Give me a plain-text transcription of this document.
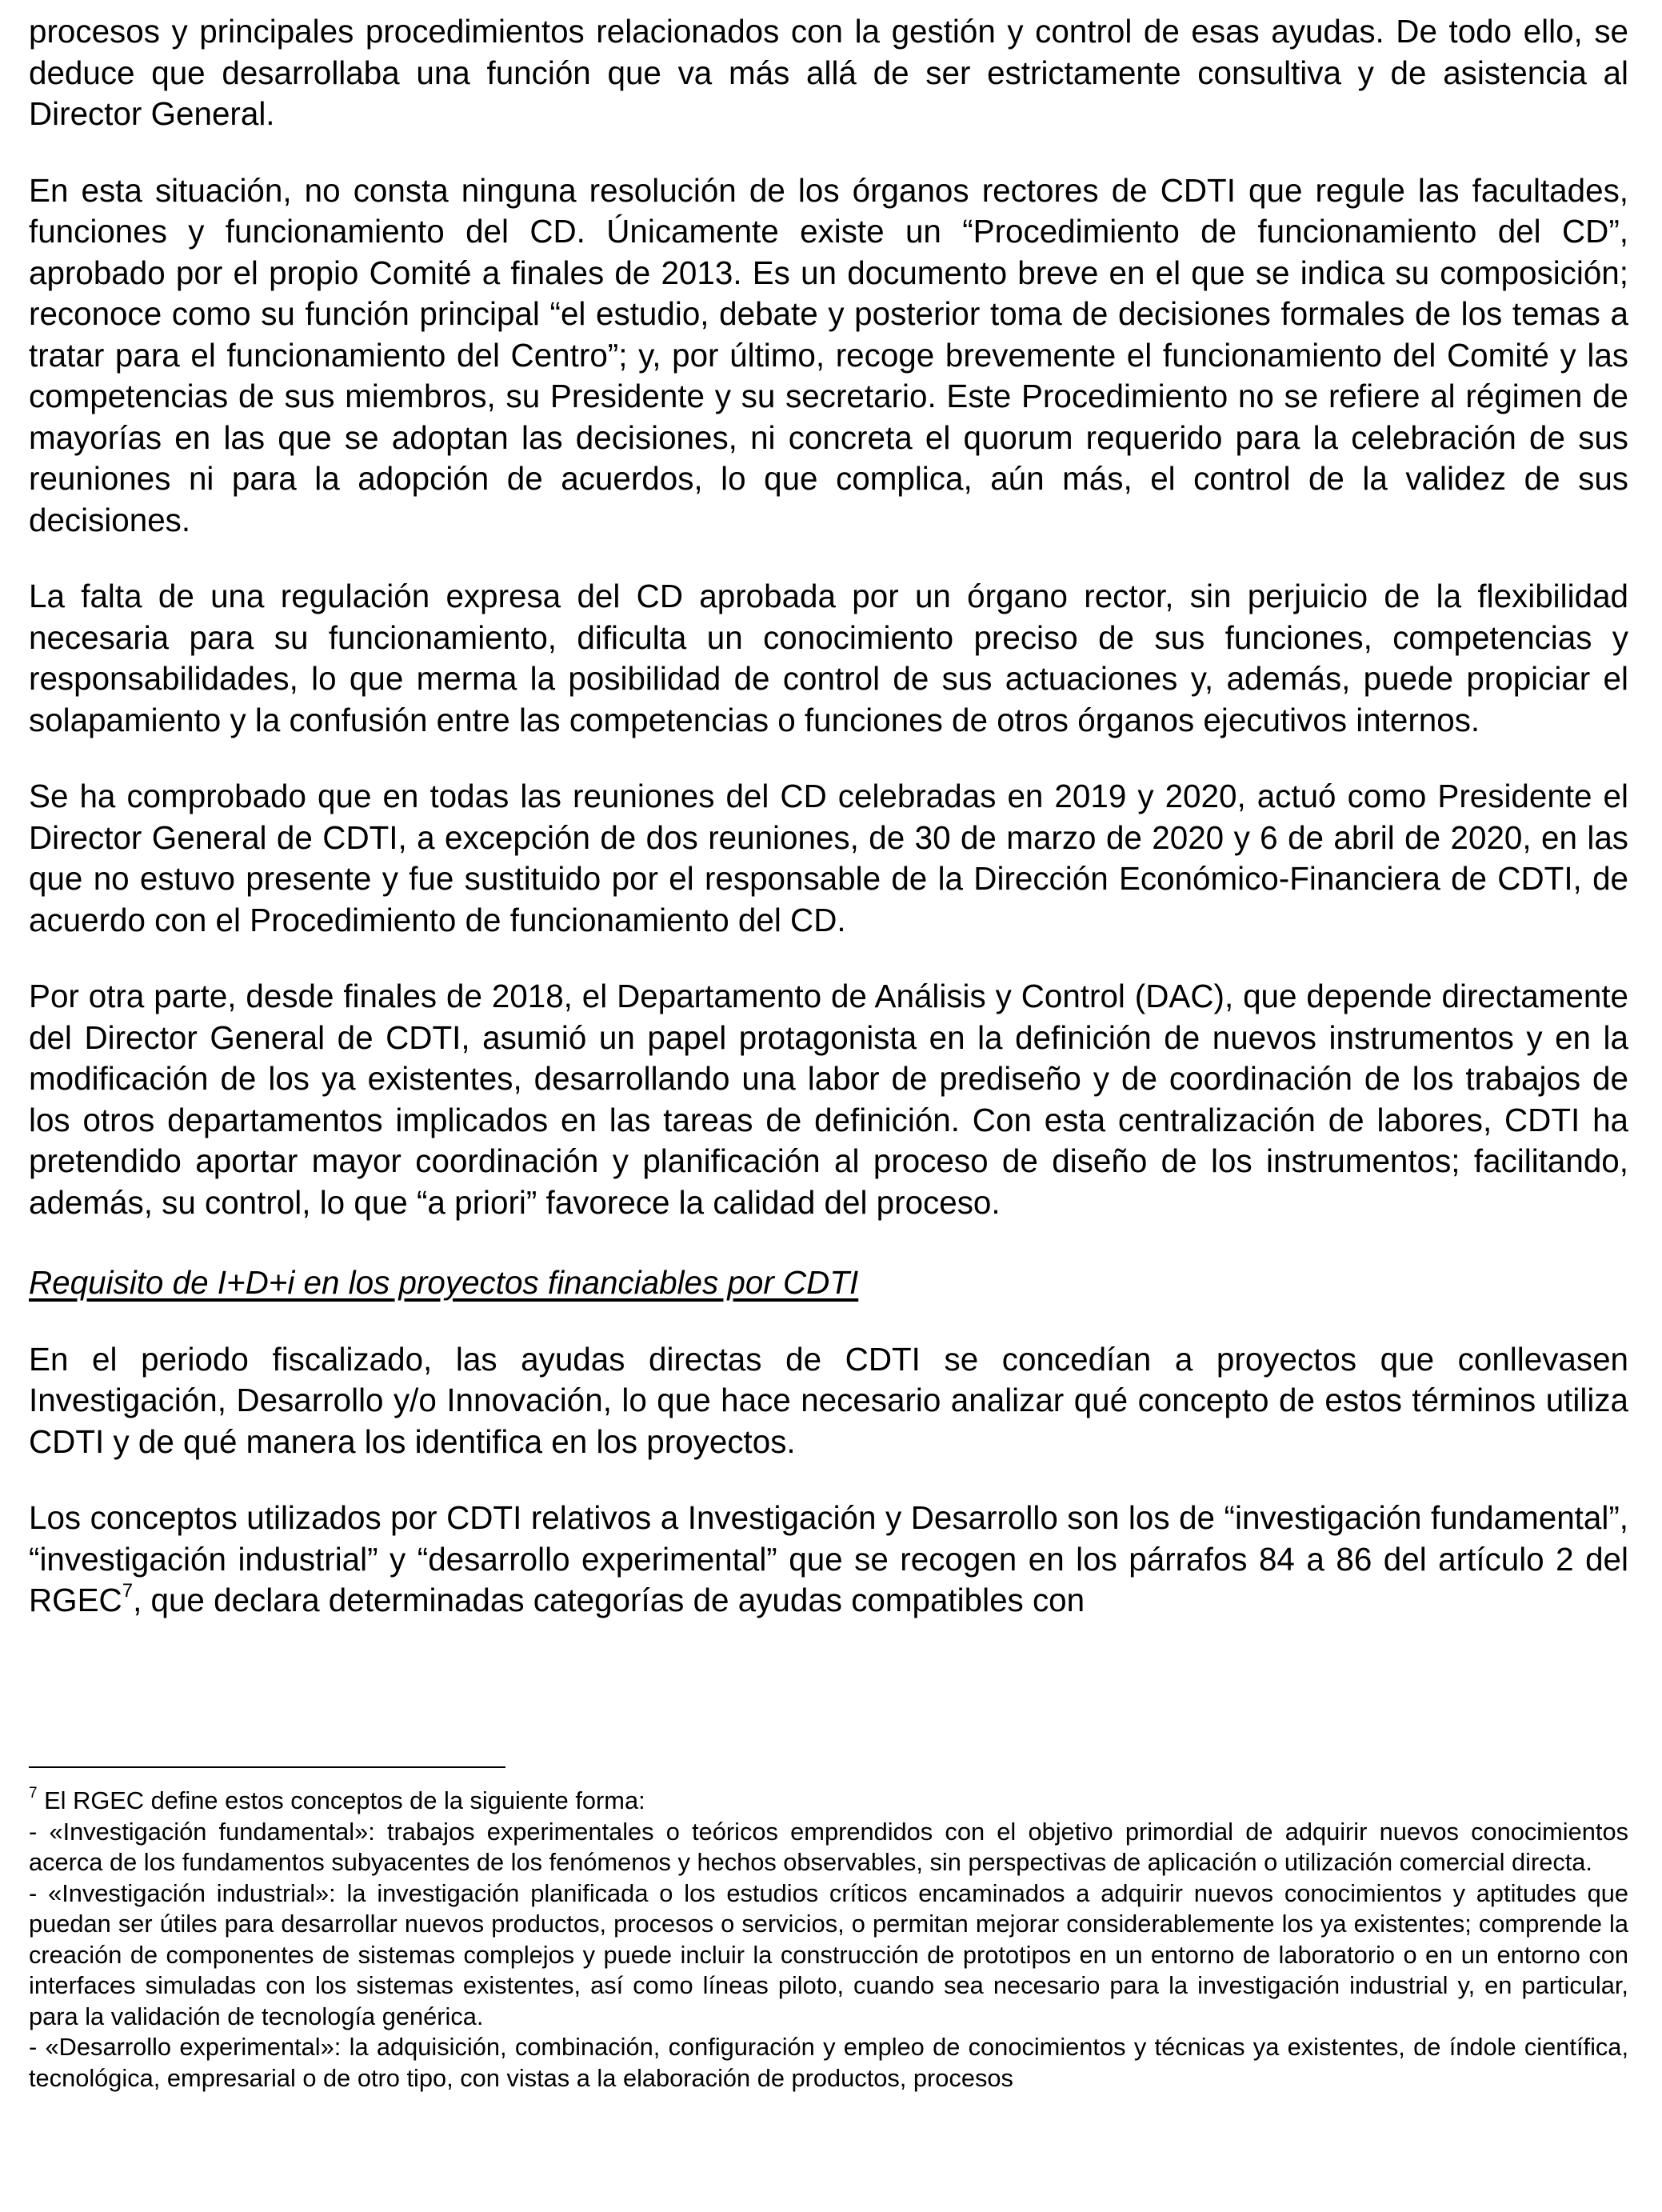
procesos y principales procedimientos relacionados con la gestión y control de esas ayudas. De todo ello, se deduce que desarrollaba una función que va más allá de ser estrictamente consultiva y de asistencia al Director General.

En esta situación, no consta ninguna resolución de los órganos rectores de CDTI que regule las facultades, funciones y funcionamiento del CD. Únicamente existe un “Procedimiento de funcionamiento del CD”, aprobado por el propio Comité a finales de 2013. Es un documento breve en el que se indica su composición; reconoce como su función principal “el estudio, debate y posterior toma de decisiones formales de los temas a tratar para el funcionamiento del Centro”; y, por último, recoge brevemente el funcionamiento del Comité y las competencias de sus miembros, su Presidente y su secretario. Este Procedimiento no se refiere al régimen de mayorías en las que se adoptan las decisiones, ni concreta el quorum requerido para la celebración de sus reuniones ni para la adopción de acuerdos, lo que complica, aún más, el control de la validez de sus decisiones.

La falta de una regulación expresa del CD aprobada por un órgano rector, sin perjuicio de la flexibilidad necesaria para su funcionamiento, dificulta un conocimiento preciso de sus funciones, competencias y responsabilidades, lo que merma la posibilidad de control de sus actuaciones y, además, puede propiciar el solapamiento y la confusión entre las competencias o funciones de otros órganos ejecutivos internos.

Se ha comprobado que en todas las reuniones del CD celebradas en 2019 y 2020, actuó como Presidente el Director General de CDTI, a excepción de dos reuniones, de 30 de marzo de 2020 y 6 de abril de 2020, en las que no estuvo presente y fue sustituido por el responsable de la Dirección Económico-Financiera de CDTI, de acuerdo con el Procedimiento de funcionamiento del CD.

Por otra parte, desde finales de 2018, el Departamento de Análisis y Control (DAC), que depende directamente del Director General de CDTI, asumió un papel protagonista en la definición de nuevos instrumentos y en la modificación de los ya existentes, desarrollando una labor de prediseño y de coordinación de los trabajos de los otros departamentos implicados en las tareas de definición. Con esta centralización de labores, CDTI ha pretendido aportar mayor coordinación y planificación al proceso de diseño de los instrumentos; facilitando, además, su control, lo que “a priori” favorece la calidad del proceso.

Requisito de I+D+i en los proyectos financiables por CDTI

En el periodo fiscalizado, las ayudas directas de CDTI se concedían a proyectos que conllevasen Investigación, Desarrollo y/o Innovación, lo que hace necesario analizar qué concepto de estos términos utiliza CDTI y de qué manera los identifica en los proyectos.

Los conceptos utilizados por CDTI relativos a Investigación y Desarrollo son los de “investigación fundamental”, “investigación industrial” y “desarrollo experimental” que se recogen en los párrafos 84 a 86 del artículo 2 del RGEC$^7$, que declara determinadas categorías de ayudas compatibles con

$^7$ El RGEC define estos conceptos de la siguiente forma:

- «Investigación fundamental»: trabajos experimentales o teóricos emprendidos con el objetivo primordial de adquirir nuevos conocimientos acerca de los fundamentos subyacentes de los fenómenos y hechos observables, sin perspectivas de aplicación o utilización comercial directa.

- «Investigación industrial»: la investigación planificada o los estudios críticos encaminados a adquirir nuevos conocimientos y aptitudes que puedan ser útiles para desarrollar nuevos productos, procesos o servicios, o permitan mejorar considerablemente los ya existentes; comprende la creación de componentes de sistemas complejos y puede incluir la construcción de prototipos en un entorno de laboratorio o en un entorno con interfaces simuladas con los sistemas existentes, así como líneas piloto, cuando sea necesario para la investigación industrial y, en particular, para la validación de tecnología genérica.

- «Desarrollo experimental»: la adquisición, combinación, configuración y empleo de conocimientos y técnicas ya existentes, de índole científica, tecnológica, empresarial o de otro tipo, con vistas a la elaboración de productos, procesos
